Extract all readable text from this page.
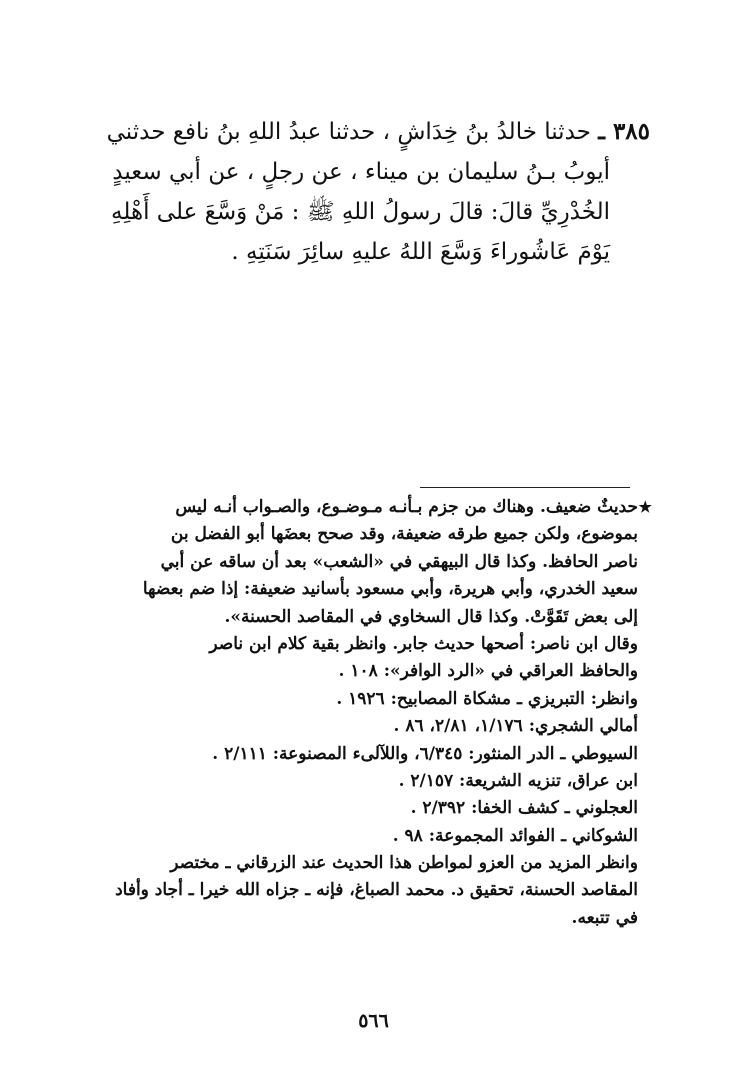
٣٨٥ ـ حدثنا خالدُ بنُ خِدَاشٍ ، حدثنا عبدُ اللهِ بنُ نافع حدثني
أيوبُ بـنُ سليمان بن ميناء ، عن رجلٍ ، عن أبي سعيدٍ
الخُدْرِيِّ قالَ: قالَ رسولُ اللهِ ﷺ : مَنْ وَسَّعَ على أَهْلِهِ
يَوْمَ عَاشُوراءَ وَسَّعَ اللهُ عليهِ سائِرَ سَنَتِهِ .
★
حديثٌ ضعيف. وهناك من جزم بـأنـه مـوضـوع، والصـواب أنـه ليس
بموضوع، ولكن جميع طرقه ضعيفة، وقد صحح بعضَها أبو الفضل بن
ناصر الحافظ. وكذا قال البيهقي في «الشعب» بعد أن ساقه عن أبي
سعيد الخدري، وأبي هريرة، وأبي مسعود بأسانيد ضعيفة: إذا ضم بعضها
إلى بعض تَقَوَّتْ. وكذا قال السخاوي في المقاصد الحسنة».
وقال ابن ناصر: أصحها حديث جابر. وانظر بقية كلام ابن ناصر
والحافظ العراقي في «الرد الوافر»: ١٠٨ .
وانظر: التبريزي ـ مشكاة المصابيح: ١٩٢٦ .
أمالي الشجري: ١/١٧٦، ٢/٨١، ٨٦ .
السيوطي ـ الدر المنثور: ٦/٣٤٥، واللآلىء المصنوعة: ٢/١١١ .
ابن عراق، تنزيه الشريعة: ٢/١٥٧ .
العجلوني ـ كشف الخفا: ٢/٣٩٢ .
الشوكاني ـ الفوائد المجموعة: ٩٨ .
وانظر المزيد من العزو لمواطن هذا الحديث عند الزرقاني ـ مختصر
المقاصد الحسنة، تحقيق د. محمد الصباغ، فإنه ـ جزاه الله خيرا ـ أجاد وأفاد
في تتبعه.
٥٦٦
